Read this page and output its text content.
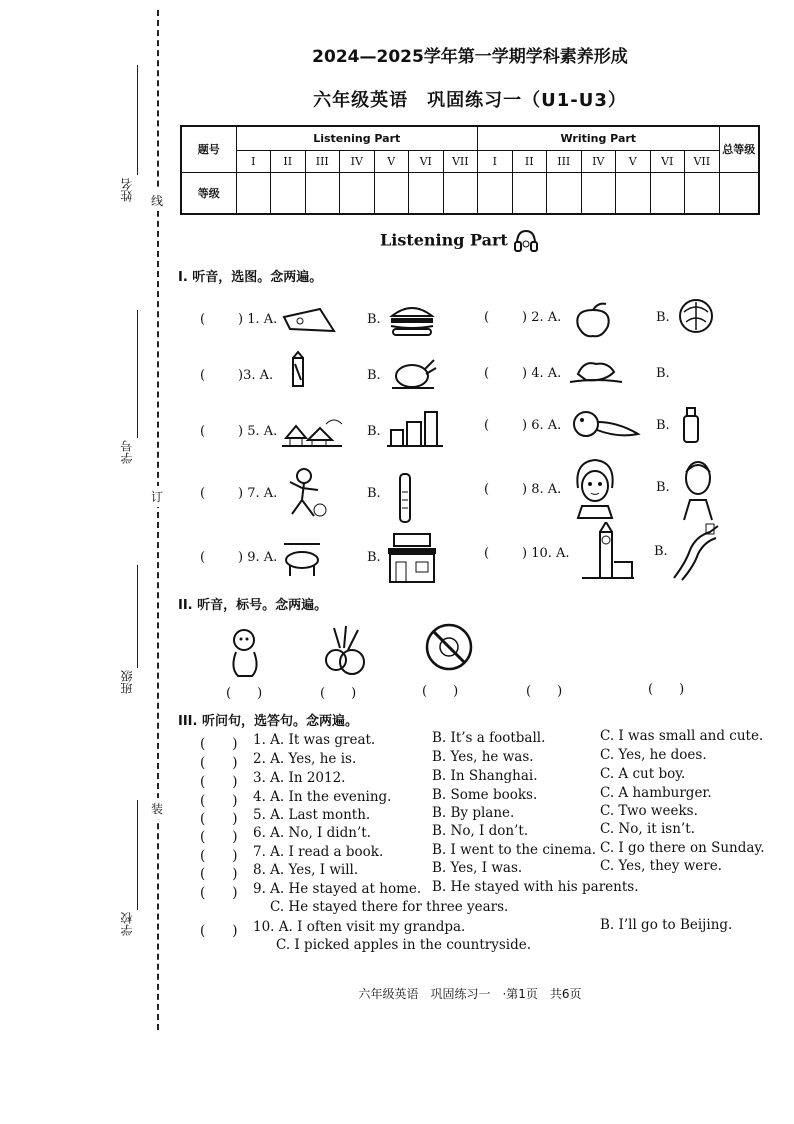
姓名
学号
班级
学校
线
订
装
2024—2025学年第一学期学科素养形成
六年级英语　巩固练习一（U1-U3）
题号	Listening Part							Writing Part							总等级
	I	II	III	IV	V	VI	VII	I	II	III	IV	V	VI	VII	
等级															
Listening Part
I. 听音，选图。念两遍。
(	) 1. A.	B.	(	) 2. A.	B.
(	)3. A.	B.	(	) 4. A.	B.
(	) 5. A.	B.	(	) 6. A.	B.
(	) 7. A.	B.	(	) 8. A.	B.
(	) 9. A.	B.	(	) 10. A.	B.
II. 听音，标号。念两遍。
(　　)	(　　)	(　　)	(　　)	(　　)
III. 听问句，选答句。念两遍。
(　　) 1. A. It was great.	B. It’s a football.	C. I was small and cute.
(　　) 2. A. Yes, he is.	B. Yes, he was.	C. Yes, he does.
(　　) 3. A. In 2012.	B. In Shanghai.	C. A cut boy.
(　　) 4. A. In the evening.	B. Some books.	C. A hamburger.
(　　) 5. A. Last month.	B. By plane.	C. Two weeks.
(　　) 6. A. No, I didn’t.	B. No, I don’t.	C. No, it isn’t.
(　　) 7. A. I read a book.	B. I went to the cinema. C. I go there on Sunday.
(　　) 8. A. Yes, I will.	B. Yes, I was.	C. Yes, they were.
(　　) 9. A. He stayed at home. B. He stayed with his parents.
C. He stayed there for three years.
(　　) 10. A. I often visit my grandpa.	B. I’ll go to Beijing.
C. I picked apples in the countryside.
六年级英语　巩固练习一　·第1页　共6页
